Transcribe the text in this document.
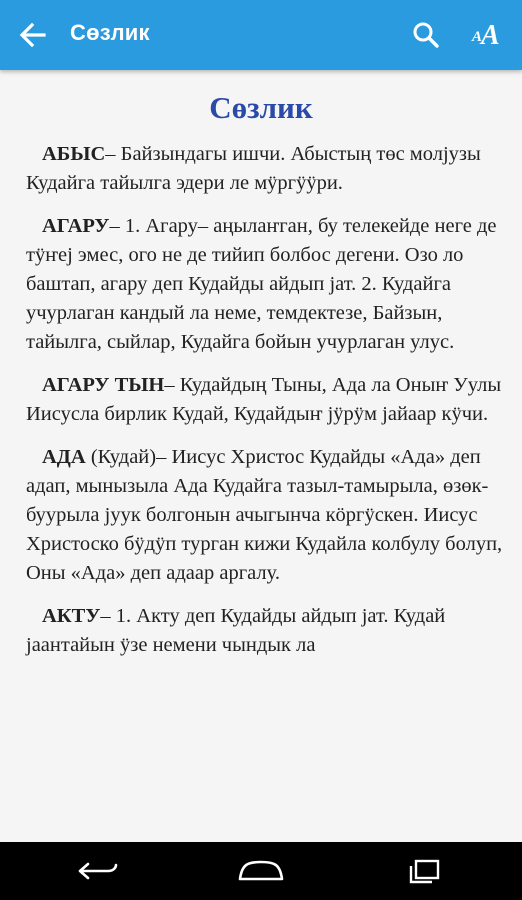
Сөзлик	A
A
Сөзлик
АБЫС– Байзындагы ишчи. Абыстың төс молјузы Кудайга тайылга эдери ле мӱргӱӱри.
АГАРУ– 1. Агару– аңылаҥган, бу телекейде неге де тӱҥеј эмес, ого не де тийип болбос дегени. Озо ло баштап, агару деп Кудайды айдып јат. 2. Кудайга учурлаган кандый ла неме, темдектезе, Байзын, тайылга, сыйлар, Кудайга бойын учурлаган улус.
АГАРУ ТЫН– Кудайдың Тыны, Ада ла Оныҥ Уулы Иисусла бирлик Кудай, Кудайдыҥ јӱрӱм јайаар кӱчи.
АДА (Кудай)– Иисус Христос Кудайды «Ада» деп адап, мынызыла Ада Кудайга тазыл-тамырыла, өзөк-буурыла јуук болгонын ачыгынча кӧргӱскен. Иисус Христоско бӱдӱп турган кижи Кудайла колбулу болуп, Оны «Ада» деп адаар аргалу.
АКТУ– 1. Акту деп Кудайды айдып јат. Кудай јаантайын ӱзе немени чындык ла
